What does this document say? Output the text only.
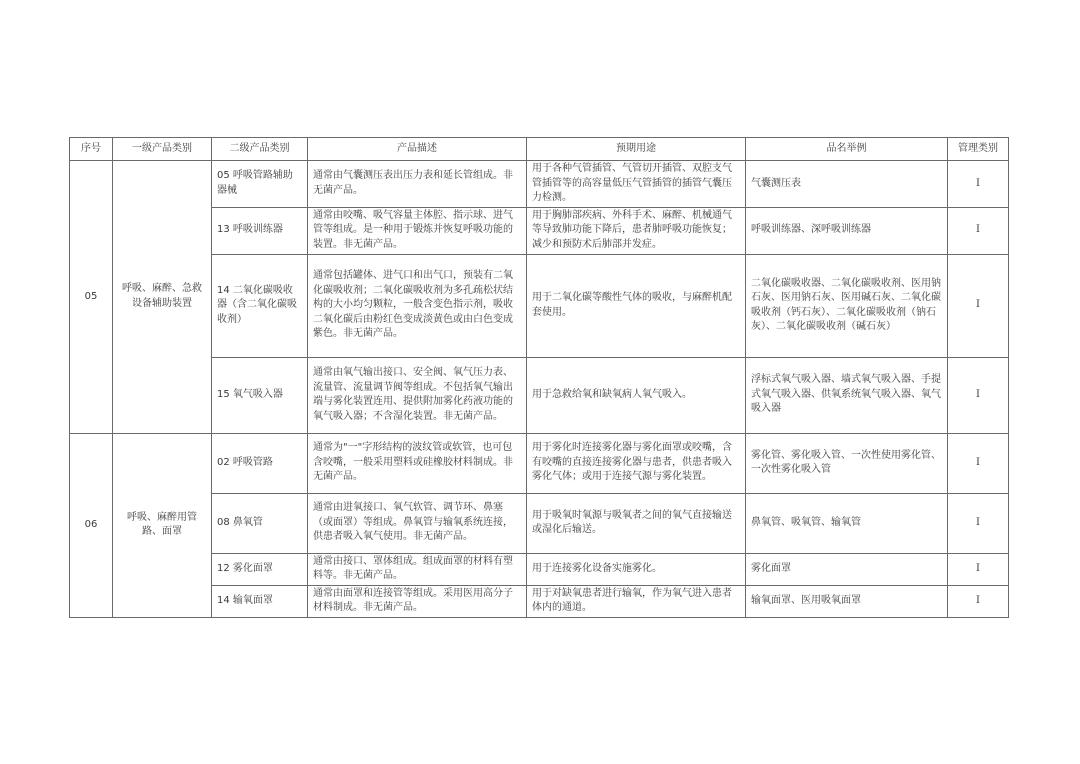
序号	一级产品类别	二级产品类别	产品描述	预期用途	品名举例	管理类别
05	呼吸、麻醉、急救设备辅助装置	05 呼吸管路辅助器械	通常由气囊测压表出压力表和延长管组成。非无菌产品。	用于各种气管插管、气管切开插管、双腔支气管插管等的高容量低压气管插管的插管气囊压力检测。	气囊测压表	I
		13 呼吸训练器	通常由咬嘴、吸气容量主体腔、指示球、进气管等组成。是一种用于锻炼并恢复呼吸功能的装置。非无菌产品。	用于胸肺部疾病、外科手术、麻醉、机械通气等导致肺功能下降后，患者肺呼吸功能恢复；减少和预防术后肺部并发症。	呼吸训练器、深呼吸训练器	I
		14 二氧化碳吸收器（含二氧化碳吸收剂）	通常包括罐体、进气口和出气口，预装有二氧化碳吸收剂；二氧化碳吸收剂为多孔疏松状结构的大小均匀颗粒，一般含变色指示剂，吸收二氧化碳后由粉红色变成淡黄色或由白色变成紫色。非无菌产品。	用于二氧化碳等酸性气体的吸收，与麻醉机配套使用。	二氧化碳吸收器、二氧化碳吸收剂、医用钠石灰、医用钠石灰、医用碱石灰、二氧化碳吸收剂（钙石灰）、二氧化碳吸收剂（钠石灰）、二氧化碳吸收剂（碱石灰）	I
		15 氧气吸入器	通常由氧气输出接口、安全阀、氧气压力表、流量管、流量调节阀等组成。不包括氧气输出端与雾化装置连用、提供附加雾化药液功能的氧气吸入器；不含湿化装置。非无菌产品。	用于急救给氧和缺氧病人氧气吸入。	浮标式氧气吸入器、墙式氧气吸入器、手提式氧气吸入器、供氧系统氧气吸入器、氧气吸入器	I
06	呼吸、麻醉用管路、面罩	02 呼吸管路	通常为"一"字形结构的波纹管或软管，也可包含咬嘴，一般采用塑料或硅橡胶材料制成。非无菌产品。	用于雾化时连接雾化器与雾化面罩或咬嘴，含有咬嘴的直接连接雾化器与患者，供患者吸入雾化气体；或用于连接气源与雾化装置。	雾化管、雾化吸入管、一次性使用雾化管、一次性雾化吸入管	I
		08 鼻氧管	通常由进氧接口、氧气软管、调节环、鼻塞（或面罩）等组成。鼻氧管与输氧系统连接，供患者吸入氧气使用。非无菌产品。	用于吸氧时氧源与吸氧者之间的氧气直接输送或湿化后输送。	鼻氧管、吸氧管、输氧管	I
		12 雾化面罩	通常由接口、罩体组成。组成面罩的材料有塑料等。非无菌产品。	用于连接雾化设备实施雾化。	雾化面罩	I
		14 输氧面罩	通常由面罩和连接管等组成。采用医用高分子材料制成。非无菌产品。	用于对缺氧患者进行输氧，作为氧气进入患者体内的通道。	输氧面罩、医用吸氧面罩	I
